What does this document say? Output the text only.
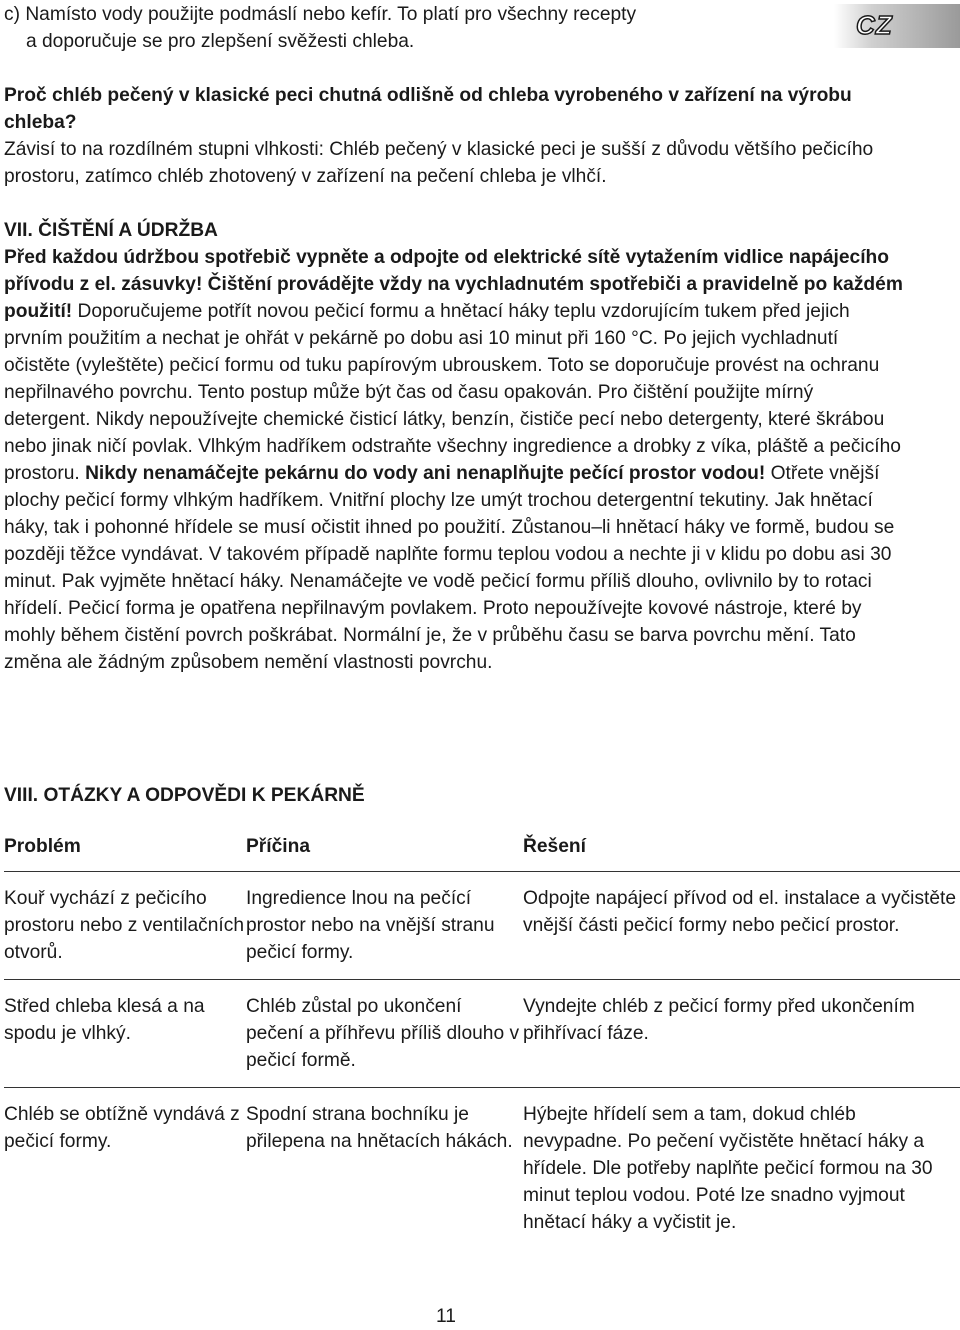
CZ

c) Namísto vody použijte podmáslí nebo kefír. To platí pro všechny recepty
a doporučuje se pro zlepšení svěžesti chleba.

Proč chléb pečený v klasické peci chutná odlišně od chleba vyrobeného v zařízení na výrobu chleba?

Závisí to na rozdílném stupni vlhkosti: Chléb pečený v klasické peci je sušší z důvodu většího pečicího prostoru, zatímco chléb zhotovený v zařízení na pečení chleba je vlhčí.

VII. ČIŠTĚNÍ A ÚDRŽBA

Před každou údržbou spotřebič vypněte a odpojte od elektrické sítě vytažením vidlice napájecího přívodu z el. zásuvky! Čištění provádějte vždy na vychladnutém spotřebiči a pravidelně po každém použití! Doporučujeme potřít novou pečicí formu a hnětací háky teplu vzdorujícím tukem před jejich prvním použitím a nechat je ohřát v pekárně po dobu asi 10 minut při 160 °C. Po jejich vychladnutí očistěte (vyleštěte) pečicí formu od tuku papírovým ubrouskem. Toto se doporučuje provést na ochranu nepřilnavého povrchu. Tento postup může být čas od času opakován. Pro čištění použijte mírný detergent. Nikdy nepoužívejte chemické čisticí látky, benzín, čističe pecí nebo detergenty, které škrábou nebo jinak ničí povlak. Vlhkým hadříkem odstraňte všechny ingredience a drobky z víka, pláště a pečicího prostoru. Nikdy nenamáčejte pekárnu do vody ani nenaplňujte pečící prostor vodou! Otřete vnější plochy pečicí formy vlhkým hadříkem. Vnitřní plochy lze umýt trochou detergentní tekutiny. Jak hnětací háky, tak i pohonné hřídele se musí očistit ihned po použití. Zůstanou–li hnětací háky ve formě, budou se později těžce vyndávat. V takovém případě naplňte formu teplou vodou a nechte ji v klidu po dobu asi 30 minut. Pak vyjměte hnětací háky. Nenamáčejte ve vodě pečicí formu příliš dlouho, ovlivnilo by to rotaci hřídelí. Pečicí forma je opatřena nepřilnavým povlakem. Proto nepoužívejte kovové nástroje, které by mohly během čistění povrch poškrábat. Normální je, že v průběhu času se barva povrchu mění. Tato změna ale žádným způsobem nemění vlastnosti povrchu.

VIII. OTÁZKY A ODPOVĚDI K PEKÁRNĚ

Problém	Příčina	Řešení
Kouř vychází z pečicího prostoru nebo z ventilačních otvorů.
Ingredience lnou na pečící prostor nebo na vnější stranu pečicí formy.
Odpojte napájecí přívod od el. instalace a vyčistěte vnější části pečicí formy nebo pečicí prostor.
Střed chleba klesá a na spodu je vlhký.
Chléb zůstal po ukončení pečení a příhřevu příliš dlouho v pečicí formě.
Vyndejte chléb z pečicí formy před ukončením přihřívací fáze.
Chléb se obtížně vyndává z pečicí formy.
Spodní strana bochníku je přilepena na hnětacích hákách.
Hýbejte hřídelí sem a tam, dokud chléb nevypadne. Po pečení vyčistěte hnětací háky a hřídele. Dle potřeby naplňte pečicí formou na 30 minut teplou vodou. Poté lze snadno vyjmout hnětací háky a vyčistit je.
11
